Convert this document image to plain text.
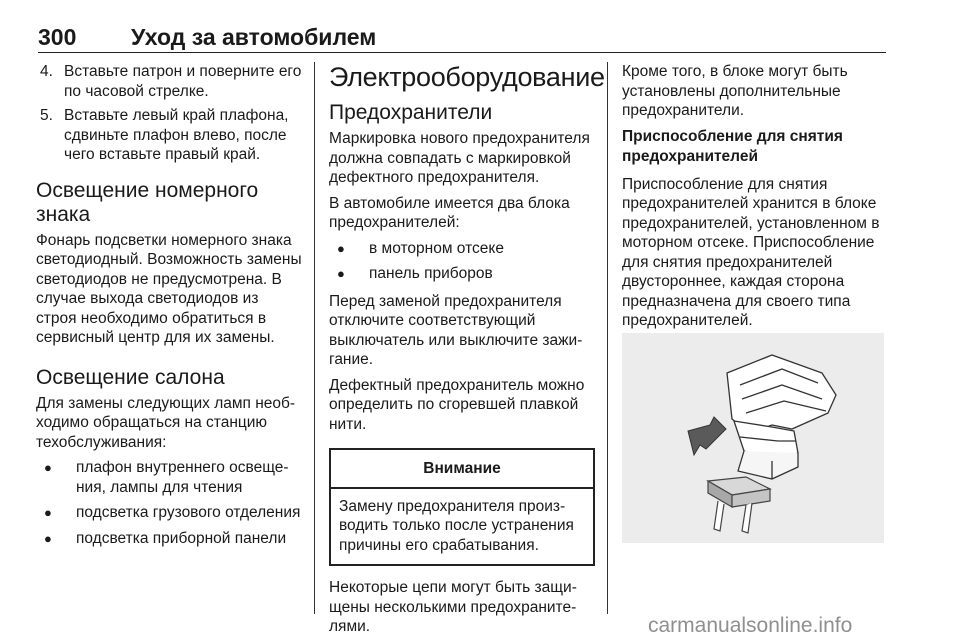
300 Уход за автомобилем
4. Вставьте патрон и поверните его по часовой стрелке.
5. Вставьте левый край плафона, сдвиньте плафон влево, после чего вставьте правый край.
Освещение номерного знака

Фонарь подсветки номерного знака светодиодный. Возможность замены светодиодов не предусмотрена. В случае выхода светодиодов из строя необходимо обратиться в сервисный центр для их замены.

Освещение салона

Для замены следующих ламп необходимо обращаться на станцию техобслуживания:

●	плафон внутреннего освещения, лампы для чтения
●	подсветка грузового отделения
●	подсветка приборной панели
Электрооборудование
Предохранители

Маркировка нового предохранителя должна совпадать с маркировкой дефектного предохранителя.

В автомобиле имеется два блока предохранителей:

●	в моторном отсеке
●	панель приборов

Перед заменой предохранителя отключите соответствующий выключатель или выключите зажигание.

Дефектный предохранитель можно определить по сгоревшей плавкой нити.

Внимание
Замену предохранителя производить только после устранения причины его срабатывания.

Некоторые цепи могут быть защищены несколькими предохранителями.

Кроме того, в блоке могут быть установлены дополнительные предохранители.

Приспособление для снятия предохранителей

Приспособление для снятия предохранителей хранится в блоке предохранителей, установленном в моторном отсеке. Приспособление для снятия предохранителей двустороннее, каждая сторона предназначена для своего типа предохранителей.

carmanualsonline.info
